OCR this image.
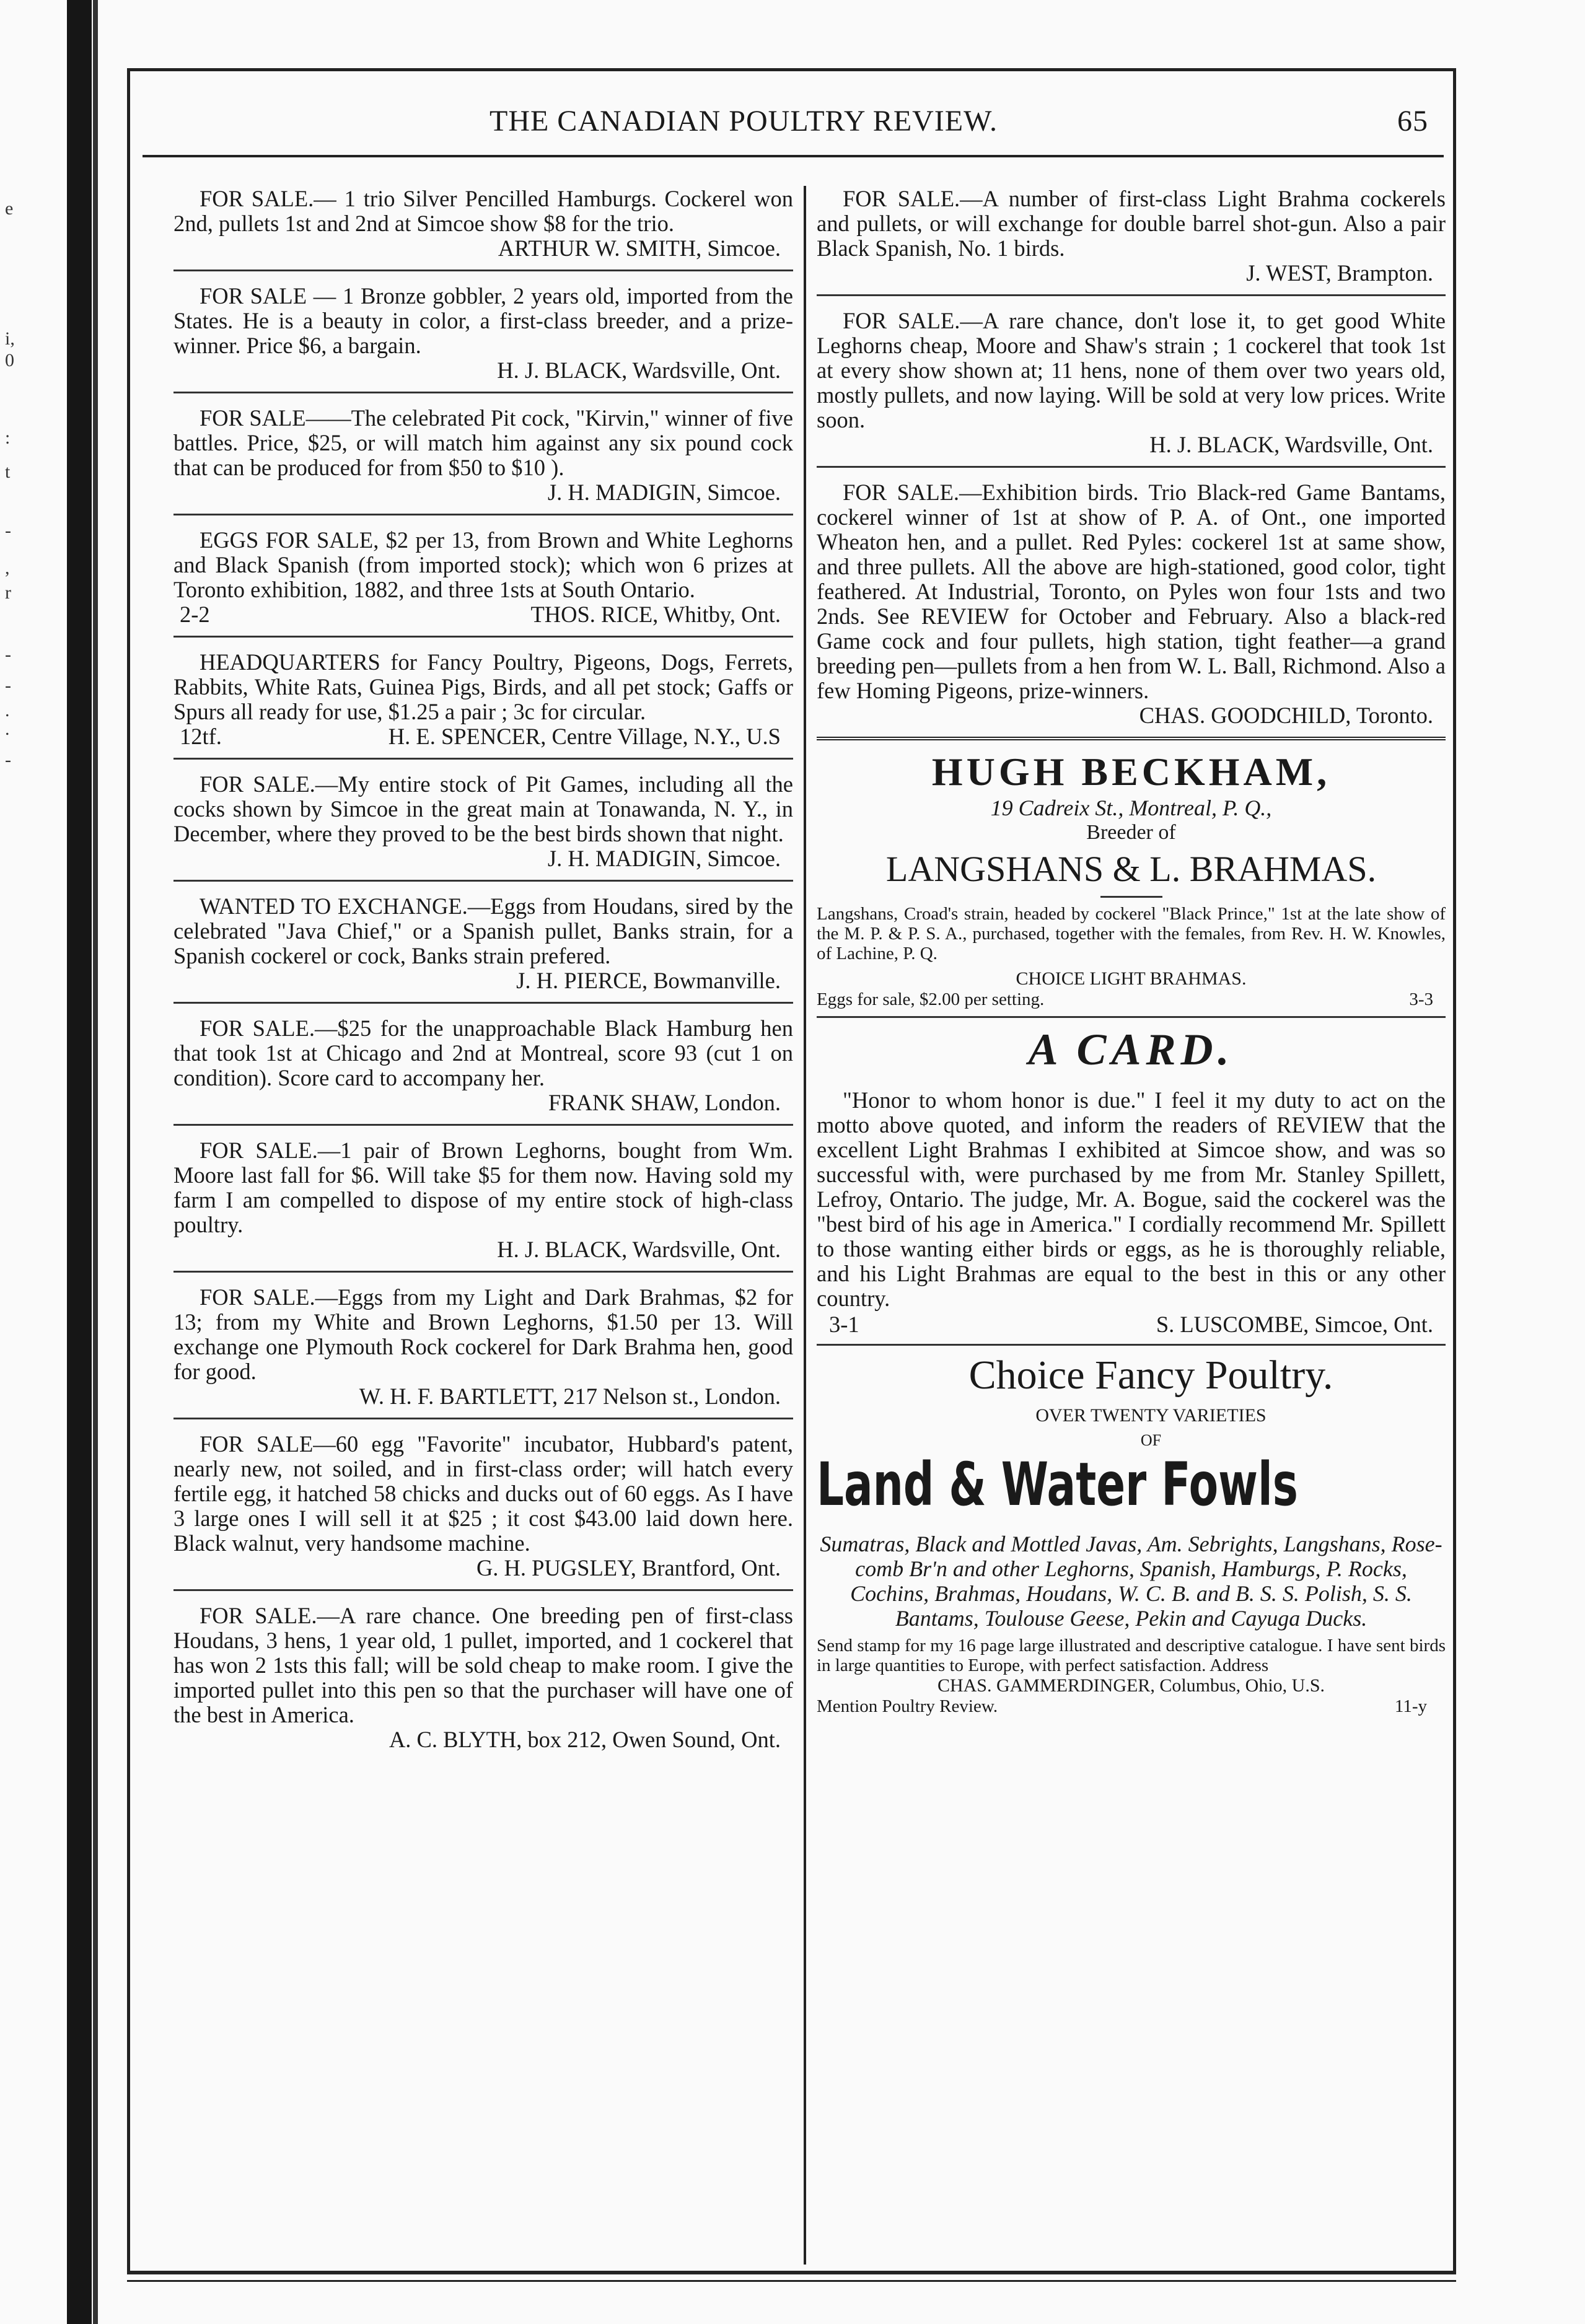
e
i,
0
:
t
-
,
r
-
-
.
.
-
THE CANADIAN POULTRY REVIEW.	65

FOR SALE.— 1 trio Silver Pencilled Hamburgs. Cockerel won 2nd, pullets 1st and 2nd at Simcoe show $8 for the trio.

ARTHUR W. SMITH, Simcoe.

FOR SALE — 1 Bronze gobbler, 2 years old, imported from the States. He is a beauty in color, a first-class breeder, and a prize-winner. Price $6, a bargain.

H. J. BLACK, Wardsville, Ont.

FOR SALE——The celebrated Pit cock, "Kirvin," winner of five battles. Price, $25, or will match him against any six pound cock that can be produced for from $50 to $10 ).

J. H. MADIGIN, Simcoe.

EGGS FOR SALE, $2 per 13, from Brown and White Leghorns and Black Spanish (from imported stock); which won 6 prizes at Toronto exhibition, 1882, and three 1sts at South Ontario.

2-2	THOS. RICE, Whitby, Ont.

HEADQUARTERS for Fancy Poultry, Pigeons, Dogs, Ferrets, Rabbits, White Rats, Guinea Pigs, Birds, and all pet stock; Gaffs or Spurs all ready for use, $1.25 a pair ; 3c for circular.

12tf.	H. E. SPENCER, Centre Village, N.Y., U.S

FOR SALE.—My entire stock of Pit Games, including all the cocks shown by Simcoe in the great main at Tonawanda, N. Y., in December, where they proved to be the best birds shown that night.

J. H. MADIGIN, Simcoe.

WANTED TO EXCHANGE.—Eggs from Houdans, sired by the celebrated "Java Chief," or a Spanish pullet, Banks strain, for a Spanish cockerel or cock, Banks strain prefered.

J. H. PIERCE, Bowmanville.

FOR SALE.—$25 for the unapproachable Black Hamburg hen that took 1st at Chicago and 2nd at Montreal, score 93 (cut 1 on condition). Score card to accompany her.

FRANK SHAW, London.

FOR SALE.—1 pair of Brown Leghorns, bought from Wm. Moore last fall for $6. Will take $5 for them now. Having sold my farm I am compelled to dispose of my entire stock of high-class poultry.

H. J. BLACK, Wardsville, Ont.

FOR SALE.—Eggs from my Light and Dark Brahmas, $2 for 13; from my White and Brown Leghorns, $1.50 per 13. Will exchange one Plymouth Rock cockerel for Dark Brahma hen, good for good.

W. H. F. BARTLETT, 217 Nelson st., London.

FOR SALE—60 egg "Favorite" incubator, Hubbard's patent, nearly new, not soiled, and in first-class order; will hatch every fertile egg, it hatched 58 chicks and ducks out of 60 eggs. As I have 3 large ones I will sell it at $25 ; it cost $43.00 laid down here. Black walnut, very handsome machine.

G. H. PUGSLEY, Brantford, Ont.

FOR SALE.—A rare chance. One breeding pen of first-class Houdans, 3 hens, 1 year old, 1 pullet, imported, and 1 cockerel that has won 2 1sts this fall; will be sold cheap to make room. I give the imported pullet into this pen so that the purchaser will have one of the best in America.

A. C. BLYTH, box 212, Owen Sound, Ont.

FOR SALE.—A number of first-class Light Brahma cockerels and pullets, or will exchange for double barrel shot-gun. Also a pair Black Spanish, No. 1 birds.

J. WEST, Brampton.

FOR SALE.—A rare chance, don't lose it, to get good White Leghorns cheap, Moore and Shaw's strain ; 1 cockerel that took 1st at every show shown at; 11 hens, none of them over two years old, mostly pullets, and now laying. Will be sold at very low prices. Write soon.

H. J. BLACK, Wardsville, Ont.

FOR SALE.—Exhibition birds. Trio Black-red Game Bantams, cockerel winner of 1st at show of P. A. of Ont., one imported Wheaton hen, and a pullet. Red Pyles: cockerel 1st at same show, and three pullets. All the above are high-stationed, good color, tight feathered. At Industrial, Toronto, on Pyles won four 1sts and two 2nds. See REVIEW for October and February. Also a black-red Game cock and four pullets, high station, tight feather—a grand breeding pen—pullets from a hen from W. L. Ball, Richmond. Also a few Homing Pigeons, prize-winners.

CHAS. GOODCHILD, Toronto.
HUGH BECKHAM,
19 Cadreix St., Montreal, P. Q.,
Breeder of
LANGSHANS & L. BRAHMAS.
Langshans, Croad's strain, headed by cockerel "Black Prince," 1st at the late show of the M. P. & P. S. A., purchased, together with the females, from Rev. H. W. Knowles, of Lachine, P. Q.
CHOICE LIGHT BRAHMAS.
Eggs for sale, $2.00 per setting.	3-3
A CARD.
"Honor to whom honor is due." I feel it my duty to act on the motto above quoted, and inform the readers of REVIEW that the excellent Light Brahmas I exhibited at Simcoe show, and was so successful with, were purchased by me from Mr. Stanley Spillett, Lefroy, Ontario. The judge, Mr. A. Bogue, said the cockerel was the "best bird of his age in America." I cordially recommend Mr. Spillett to those wanting either birds or eggs, as he is thoroughly reliable, and his Light Brahmas are equal to the best in this or any other country.
3-1	S. LUSCOMBE, Simcoe, Ont.
Choice Fancy Poultry.
OVER TWENTY VARIETIES
OF
Land & Water Fowls
Sumatras, Black and Mottled Javas, Am. Sebrights, Langshans, Rose-comb Br'n and other Leghorns, Spanish, Hamburgs, P. Rocks, Cochins, Brahmas, Houdans, W. C. B. and B. S. S. Polish, S. S. Bantams, Toulouse Geese, Pekin and Cayuga Ducks.
Send stamp for my 16 page large illustrated and descriptive catalogue. I have sent birds in large quantities to Europe, with perfect satisfaction. Address
CHAS. GAMMERDINGER, Columbus, Ohio, U.S.
Mention Poultry Review.	11-y
